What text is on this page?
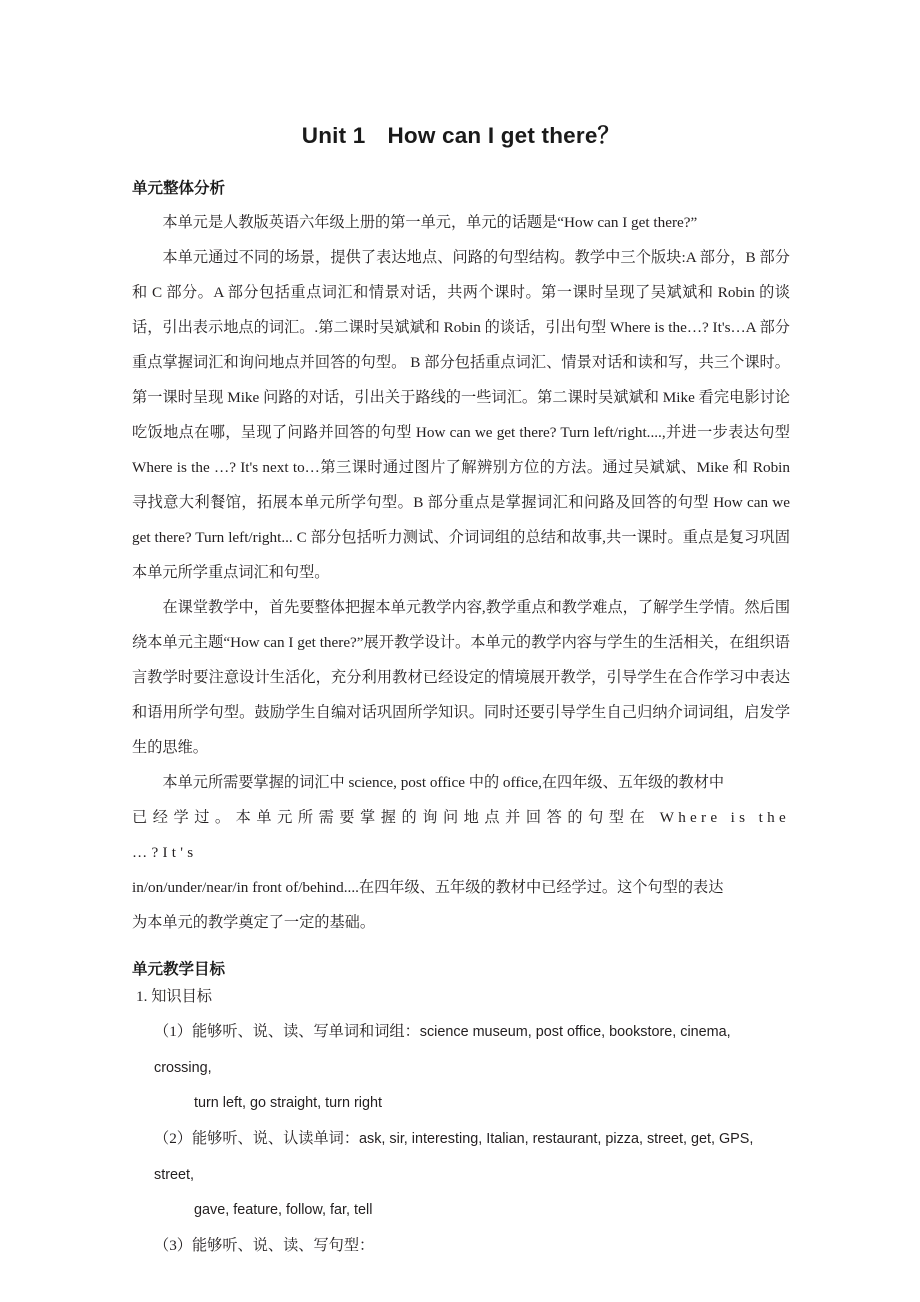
Unit 1 How can I get there？
单元整体分析

本单元是人教版英语六年级上册的第一单元，单元的话题是“How can I get there?”

本单元通过不同的场景，提供了表达地点、问路的句型结构。教学中三个版块:A 部分，B 部分和 C 部分。A 部分包括重点词汇和情景对话，共两个课时。第一课时呈现了吴斌斌和 Robin 的谈话，引出表示地点的词汇。.第二课时吴斌斌和 Robin 的谈话，引出句型 Where is the…? It's…A 部分重点掌握词汇和询问地点并回答的句型。 B 部分包括重点词汇、情景对话和读和写，共三个课时。第一课时呈现 Mike 问路的对话，引出关于路线的一些词汇。第二课时吴斌斌和 Mike 看完电影讨论吃饭地点在哪，呈现了问路并回答的句型 How can we get there? Turn left/right....,并进一步表达句型 Where is the …? It's next to…第三课时通过图片了解辨别方位的方法。通过吴斌斌、Mike 和 Robin 寻找意大利餐馆，拓展本单元所学句型。B 部分重点是掌握词汇和问路及回答的句型 How can we get there? Turn left/right... C 部分包括听力测试、介词词组的总结和故事,共一课时。重点是复习巩固本单元所学重点词汇和句型。

在课堂教学中，首先要整体把握本单元教学内容,教学重点和教学难点，了解学生学情。然后围绕本单元主题“How can I get there?”展开教学设计。本单元的教学内容与学生的生活相关，在组织语言教学时要注意设计生活化，充分利用教材已经设定的情境展开教学，引导学生在合作学习中表达和语用所学句型。鼓励学生自编对话巩固所学知识。同时还要引导学生自己归纳介词词组，启发学生的思维。

本单元所需要掌握的词汇中 science, post office 中的 office,在四年级、五年级的教材中

已经学过。本单元所需要掌握的询问地点并回答的句型在 Where is the …?It's

in/on/under/near/in front of/behind....在四年级、五年级的教材中已经学过。这个句型的表达

为本单元的教学奠定了一定的基础。

单元教学目标

1. 知识目标

（1）能够听、说、读、写单词和词组：science museum, post office, bookstore, cinema, crossing,
turn left, go straight, turn right

（2）能够听、说、认读单词：ask, sir, interesting, Italian, restaurant, pizza, street, get, GPS, street,
gave, feature, follow, far, tell

（3）能够听、说、读、写句型：
